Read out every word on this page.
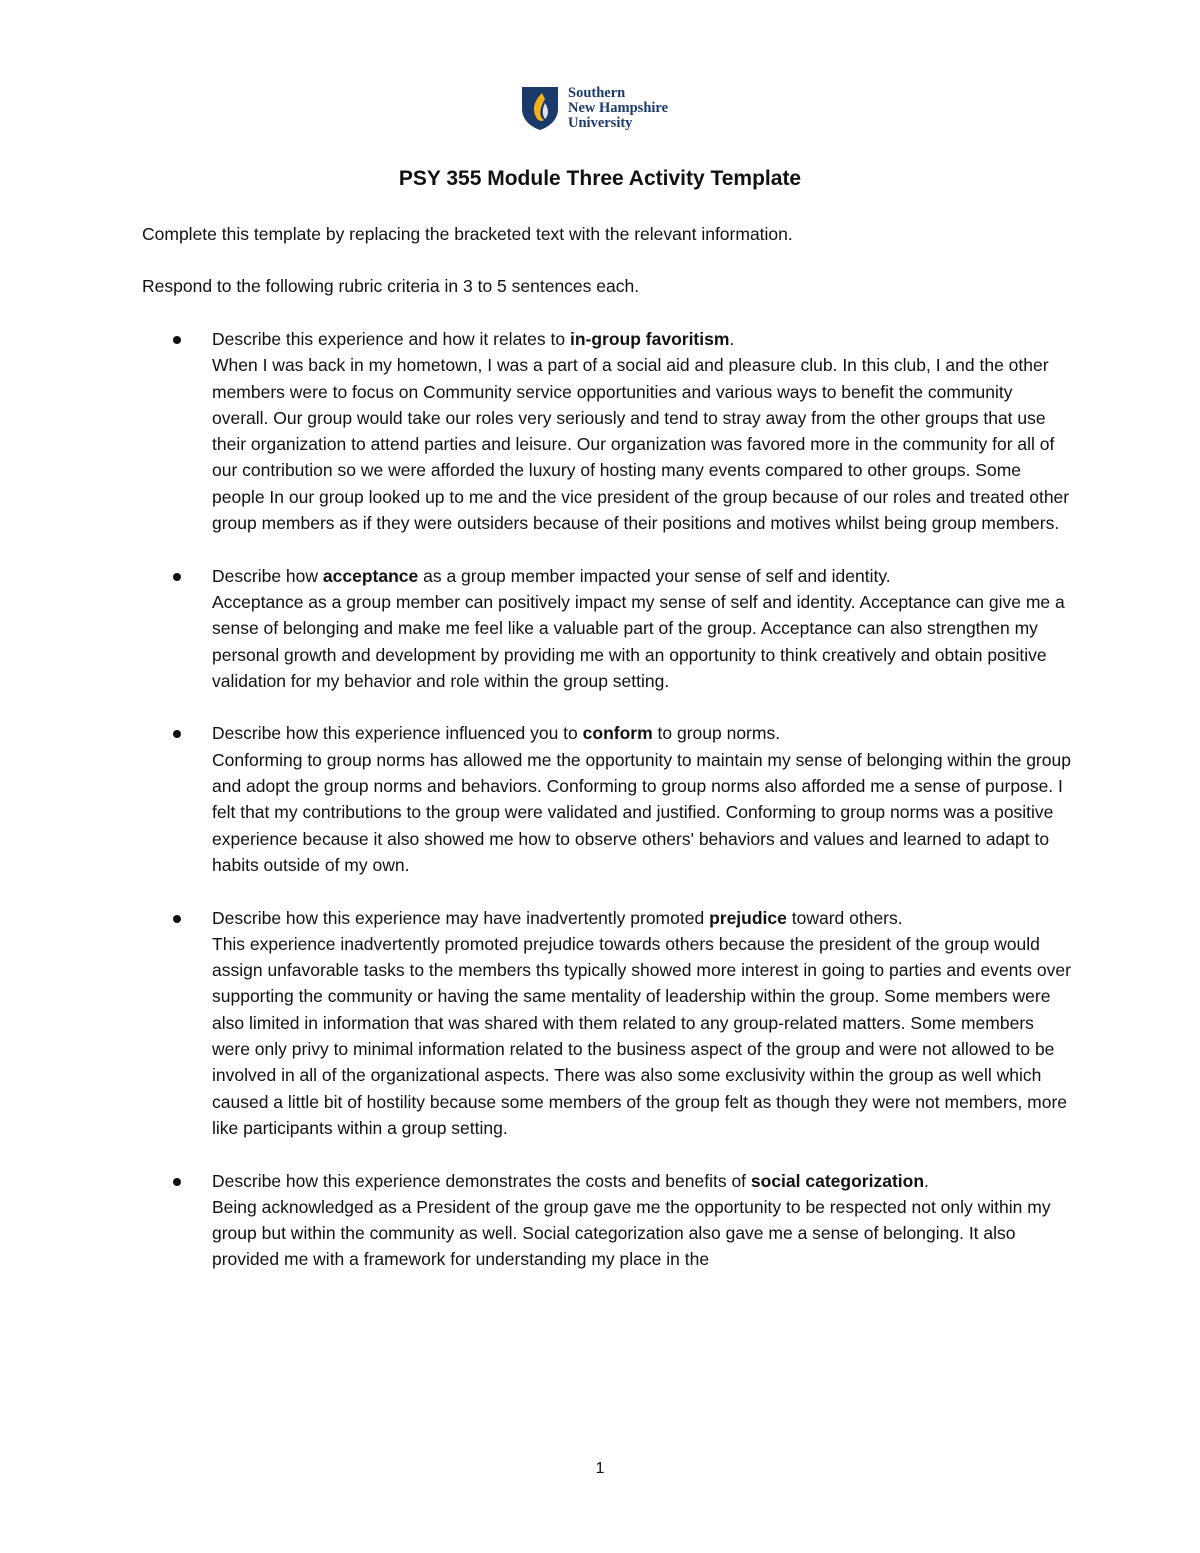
Southern
New Hampshire
University
PSY 355 Module Three Activity Template
Complete this template by replacing the bracketed text with the relevant information.
Respond to the following rubric criteria in 3 to 5 sentences each.
Describe this experience and how it relates to in-group favoritism.
When I was back in my hometown, I was a part of a social aid and pleasure club. In this club, I and the other members were to focus on Community service opportunities and various ways to benefit the community overall. Our group would take our roles very seriously and tend to stray away from the other groups that use their organization to attend parties and leisure. Our organization was favored more in the community for all of our contribution so we were afforded the luxury of hosting many events compared to other groups. Some people In our group looked up to me and the vice president of the group because of our roles and treated other group members as if they were outsiders because of their positions and motives whilst being group members.
Describe how acceptance as a group member impacted your sense of self and identity.
Acceptance as a group member can positively impact my sense of self and identity. Acceptance can give me a sense of belonging and make me feel like a valuable part of the group. Acceptance can also strengthen my personal growth and development by providing me with an opportunity to think creatively and obtain positive validation for my behavior and role within the group setting.
Describe how this experience influenced you to conform to group norms.
Conforming to group norms has allowed me the opportunity to maintain my sense of belonging within the group and adopt the group norms and behaviors. Conforming to group norms also afforded me a sense of purpose. I felt that my contributions to the group were validated and justified. Conforming to group norms was a positive experience because it also showed me how to observe others' behaviors and values and learned to adapt to habits outside of my own.
Describe how this experience may have inadvertently promoted prejudice toward others.
This experience inadvertently promoted prejudice towards others because the president of the group would assign unfavorable tasks to the members ths typically showed more interest in going to parties and events over supporting the community or having the same mentality of leadership within the group. Some members were also limited in information that was shared with them related to any group-related matters. Some members were only privy to minimal information related to the business aspect of the group and were not allowed to be involved in all of the organizational aspects. There was also some exclusivity within the group as well which caused a little bit of hostility because some members of the group felt as though they were not members, more like participants within a group setting.
Describe how this experience demonstrates the costs and benefits of social categorization.
Being acknowledged as a President of the group gave me the opportunity to be respected not only within my group but within the community as well. Social categorization also gave me a sense of belonging. It also provided me with a framework for understanding my place in the
1
